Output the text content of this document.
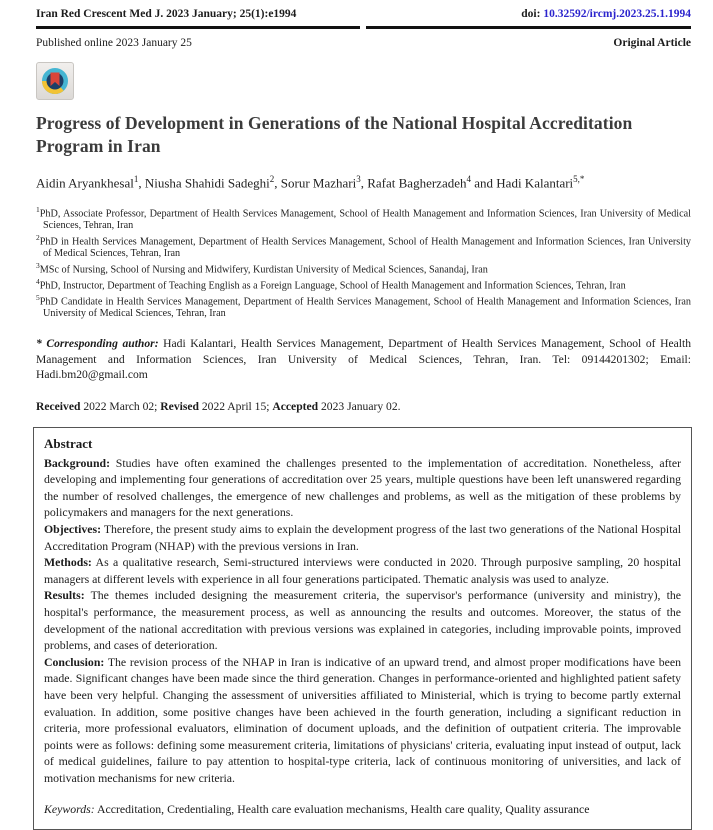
Iran Red Crescent Med J. 2023 January; 25(1):e1994	doi: 10.32592/ircmj.2023.25.1.1994
Published online 2023 January 25	Original Article
Progress of Development in Generations of the National Hospital Accreditation Program in Iran
Aidin Aryankhesal$^1$, Niusha Shahidi Sadeghi$^2$, Sorur Mazhari$^3$, Rafat Bagherzadeh$^4$ and Hadi Kalantari$^{5,*}$
$^1$PhD, Associate Professor, Department of Health Services Management, School of Health Management and Information Sciences, Iran University of Medical Sciences, Tehran, Iran
$^2$PhD in Health Services Management, Department of Health Services Management, School of Health Management and Information Sciences, Iran University of Medical Sciences, Tehran, Iran
$^3$MSc of Nursing, School of Nursing and Midwifery, Kurdistan University of Medical Sciences, Sanandaj, Iran
$^4$PhD, Instructor, Department of Teaching English as a Foreign Language, School of Health Management and Information Sciences, Tehran, Iran
$^5$PhD Candidate in Health Services Management, Department of Health Services Management, School of Health Management and Information Sciences, Iran University of Medical Sciences, Tehran, Iran
* Corresponding author: Hadi Kalantari, Health Services Management, Department of Health Services Management, School of Health Management and Information Sciences, Iran University of Medical Sciences, Tehran, Iran. Tel: 09144201302; Email: Hadi.bm20@gmail.com
Received 2022 March 02; Revised 2022 April 15; Accepted 2023 January 02.
Abstract
Background: Studies have often examined the challenges presented to the implementation of accreditation. Nonetheless, after developing and implementing four generations of accreditation over 25 years, multiple questions have been left unanswered regarding the number of resolved challenges, the emergence of new challenges and problems, as well as the mitigation of these problems by policymakers and managers for the next generations.
Objectives: Therefore, the present study aims to explain the development progress of the last two generations of the National Hospital Accreditation Program (NHAP) with the previous versions in Iran.
Methods: As a qualitative research, Semi-structured interviews were conducted in 2020. Through purposive sampling, 20 hospital managers at different levels with experience in all four generations participated. Thematic analysis was used to analyze.
Results: The themes included designing the measurement criteria, the supervisor's performance (university and ministry), the hospital's performance, the measurement process, as well as announcing the results and outcomes. Moreover, the status of the development of the national accreditation with previous versions was explained in categories, including improvable points, improved problems, and cases of deterioration.
Conclusion: The revision process of the NHAP in Iran is indicative of an upward trend, and almost proper modifications have been made. Significant changes have been made since the third generation. Changes in performance-oriented and highlighted patient safety have been very helpful. Changing the assessment of universities affiliated to Ministerial, which is trying to become partly external evaluation. In addition, some positive changes have been achieved in the fourth generation, including a significant reduction in criteria, more professional evaluators, elimination of document uploads, and the definition of outpatient criteria. The improvable points were as follows: defining some measurement criteria, limitations of physicians' criteria, evaluating input instead of output, lack of medical guidelines, failure to pay attention to hospital-type criteria, lack of continuous monitoring of universities, and lack of motivation mechanisms for new criteria.
Keywords: Accreditation, Credentialing, Health care evaluation mechanisms, Health care quality, Quality assurance
